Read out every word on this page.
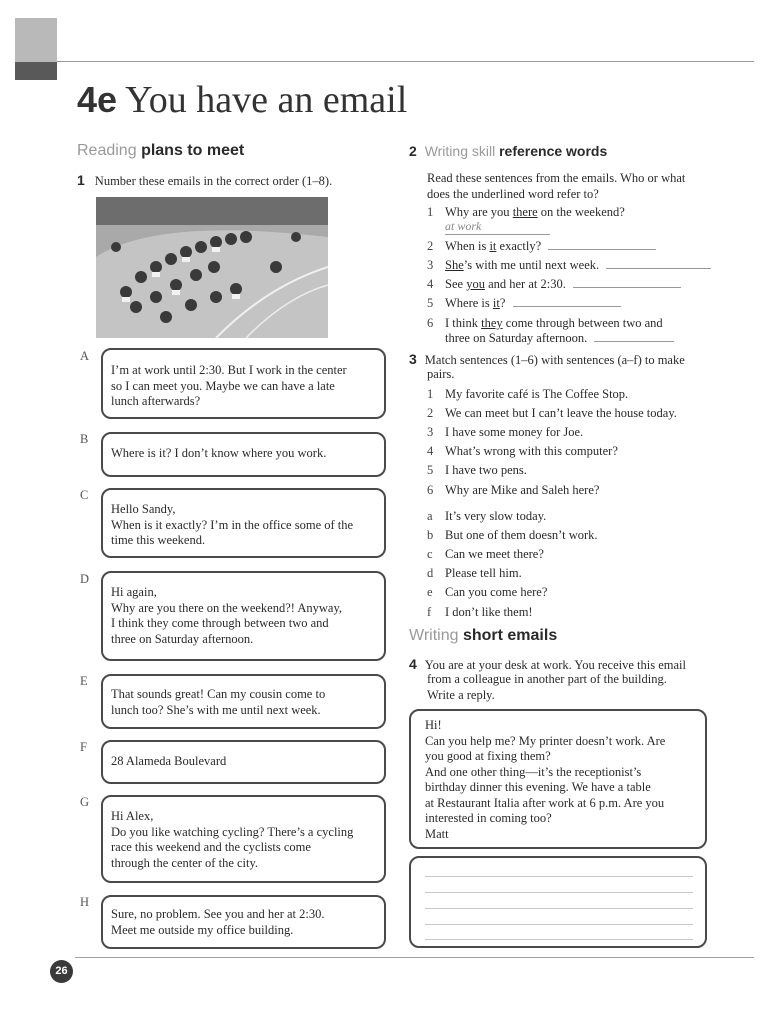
4e You have an email
Reading plans to meet
1 Number these emails in the correct order (1–8).
A
I’m at work until 2:30. But I work in the center
so I can meet you. Maybe we can have a late
lunch afterwards?
B
Where is it? I don’t know where you work.
C
Hello Sandy,
When is it exactly? I’m in the office some of the
time this weekend.
D
Hi again,
Why are you there on the weekend?! Anyway,
I think they come through between two and
three on Saturday afternoon.
E
That sounds great! Can my cousin come to
lunch too? She’s with me until next week.
F
28 Alameda Boulevard
G
Hi Alex,
Do you like watching cycling? There’s a cycling
race this weekend and the cyclists come
through the center of the city.
H
Sure, no problem. See you and her at 2:30.
Meet me outside my office building.
2 Writing skill reference words
Read these sentences from the emails. Who or what
does the underlined word refer to?
1 Why are you there on the weekend?
at work
2 When is it exactly?
3 She’s with me until next week.
4 See you and her at 2:30.
5 Where is it?
6 I think they come through between two and
three on Saturday afternoon.
3 Match sentences (1–6) with sentences (a–f) to make
pairs.
1 My favorite café is The Coffee Stop.
2 We can meet but I can’t leave the house today.
3 I have some money for Joe.
4 What’s wrong with this computer?
5 I have two pens.
6 Why are Mike and Saleh here?
a It’s very slow today.
b But one of them doesn’t work.
c Can we meet there?
d Please tell him.
e Can you come here?
f I don’t like them!
Writing short emails
4 You are at your desk at work. You receive this email
from a colleague in another part of the building.
Write a reply.
Hi!
Can you help me? My printer doesn’t work. Are
you good at fixing them?
And one other thing—it’s the receptionist’s
birthday dinner this evening. We have a table
at Restaurant Italia after work at 6 p.m. Are you
interested in coming too?
Matt
26
